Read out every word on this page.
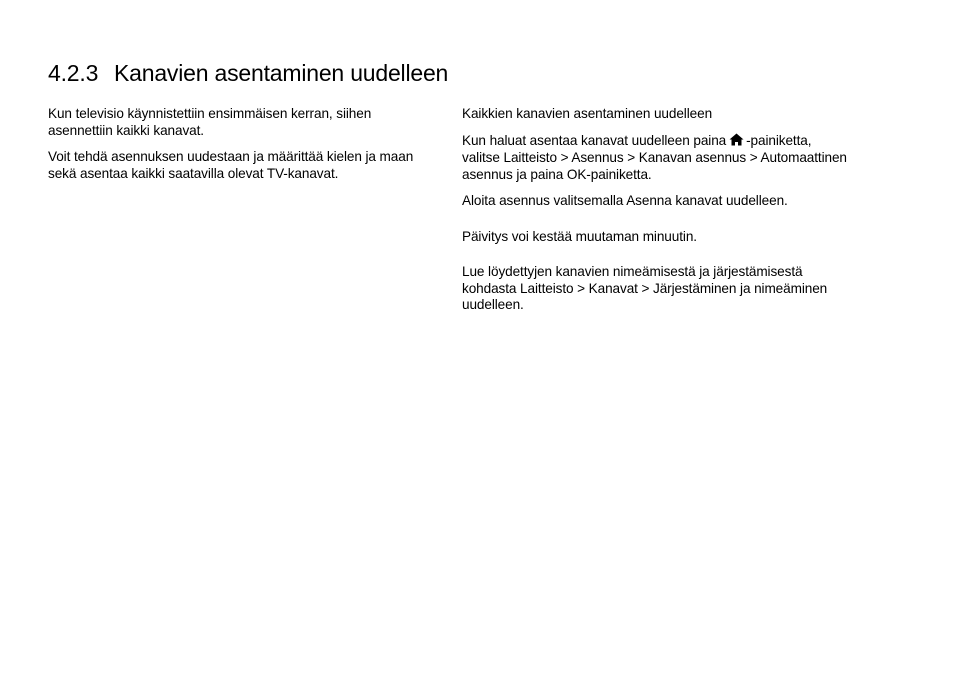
4.2.3 Kanavien asentaminen uudelleen

Kun televisio käynnistettiin ensimmäisen kerran, siihen asennettiin kaikki kanavat.

Voit tehdä asennuksen uudestaan ja määrittää kielen ja maan sekä asentaa kaikki saatavilla olevat TV-kanavat.

Kaikkien kanavien asentaminen uudelleen

Kun haluat asentaa kanavat uudelleen paina -painiketta, valitse Laitteisto > Asennus > Kanavan asennus > Automaattinen asennus ja paina OK-painiketta.

Aloita asennus valitsemalla Asenna kanavat uudelleen.

Päivitys voi kestää muutaman minuutin.

Lue löydettyjen kanavien nimeämisestä ja järjestämisestä kohdasta Laitteisto > Kanavat > Järjestäminen ja nimeäminen uudelleen.
